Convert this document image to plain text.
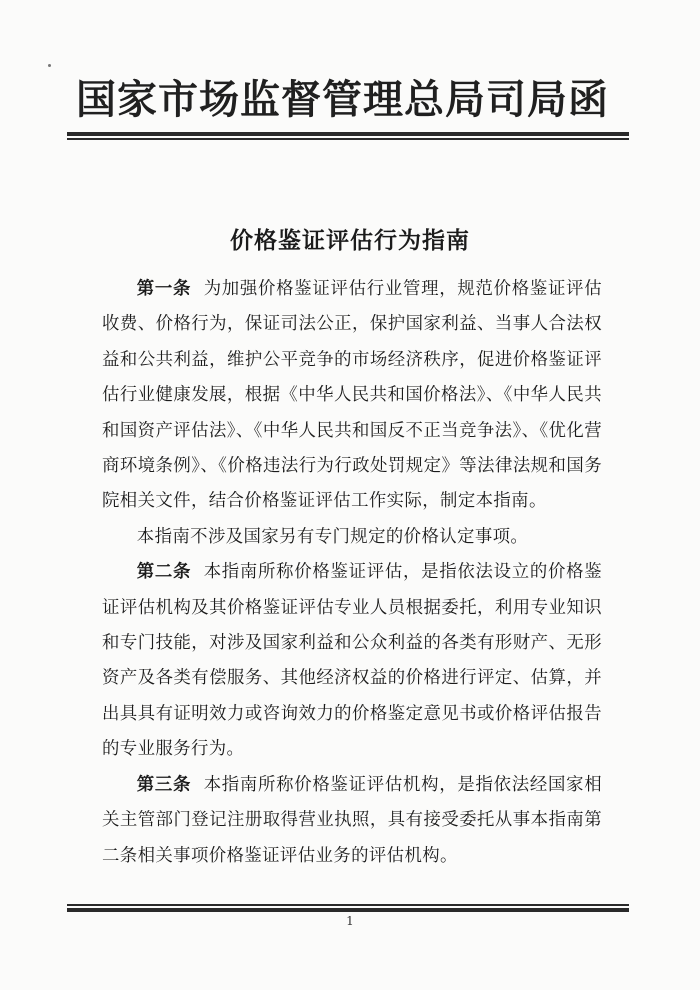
国家市场监督管理总局司局函
价格鉴证评估行为指南

第一条 为加强价格鉴证评估行业管理，规范价格鉴证评估收费、价格行为，保证司法公正，保护国家利益、当事人合法权益和公共利益，维护公平竞争的市场经济秩序，促进价格鉴证评估行业健康发展，根据《中华人民共和国价格法》、《中华人民共和国资产评估法》、《中华人民共和国反不正当竞争法》、《优化营商环境条例》、《价格违法行为行政处罚规定》等法律法规和国务院相关文件，结合价格鉴证评估工作实际，制定本指南。

本指南不涉及国家另有专门规定的价格认定事项。

第二条 本指南所称价格鉴证评估，是指依法设立的价格鉴证评估机构及其价格鉴证评估专业人员根据委托，利用专业知识和专门技能，对涉及国家利益和公众利益的各类有形财产、无形资产及各类有偿服务、其他经济权益的价格进行评定、估算，并出具具有证明效力或咨询效力的价格鉴定意见书或价格评估报告的专业服务行为。

第三条 本指南所称价格鉴证评估机构，是指依法经国家相关主管部门登记注册取得营业执照，具有接受委托从事本指南第二条相关事项价格鉴证评估业务的评估机构。

1
